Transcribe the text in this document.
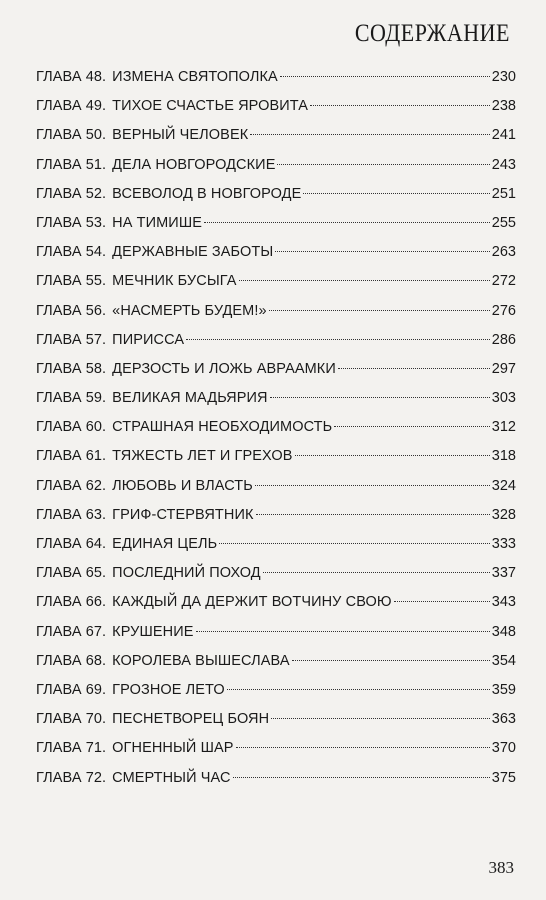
СОДЕРЖАНИЕ
ГЛАВА 48. ИЗМЕНА СВЯТОПОЛКА	230
ГЛАВА 49. ТИХОЕ СЧАСТЬЕ ЯРОВИТА	238
ГЛАВА 50. ВЕРНЫЙ ЧЕЛОВЕК	241
ГЛАВА 51. ДЕЛА НОВГОРОДСКИЕ	243
ГЛАВА 52. ВСЕВОЛОД В НОВГОРОДЕ	251
ГЛАВА 53. НА ТИМИШЕ	255
ГЛАВА 54. ДЕРЖАВНЫЕ ЗАБОТЫ	263
ГЛАВА 55. МЕЧНИК БУСЫГА	272
ГЛАВА 56. «НАСМЕРТЬ БУДЕМ!»	276
ГЛАВА 57. ПИРИССА	286
ГЛАВА 58. ДЕРЗОСТЬ И ЛОЖЬ АВРААМКИ	297
ГЛАВА 59. ВЕЛИКАЯ МАДЬЯРИЯ	303
ГЛАВА 60. СТРАШНАЯ НЕОБХОДИМОСТЬ	312
ГЛАВА 61. ТЯЖЕСТЬ ЛЕТ И ГРЕХОВ	318
ГЛАВА 62. ЛЮБОВЬ И ВЛАСТЬ	324
ГЛАВА 63. ГРИФ-СТЕРВЯТНИК	328
ГЛАВА 64. ЕДИНАЯ ЦЕЛЬ	333
ГЛАВА 65. ПОСЛЕДНИЙ ПОХОД	337
ГЛАВА 66. КАЖДЫЙ ДА ДЕРЖИТ ВОТЧИНУ СВОЮ	343
ГЛАВА 67. КРУШЕНИЕ	348
ГЛАВА 68. КОРОЛЕВА ВЫШЕСЛАВА	354
ГЛАВА 69. ГРОЗНОЕ ЛЕТО	359
ГЛАВА 70. ПЕСНЕТВОРЕЦ БОЯН	363
ГЛАВА 71. ОГНЕННЫЙ ШАР	370
ГЛАВА 72. СМЕРТНЫЙ ЧАС	375
383
